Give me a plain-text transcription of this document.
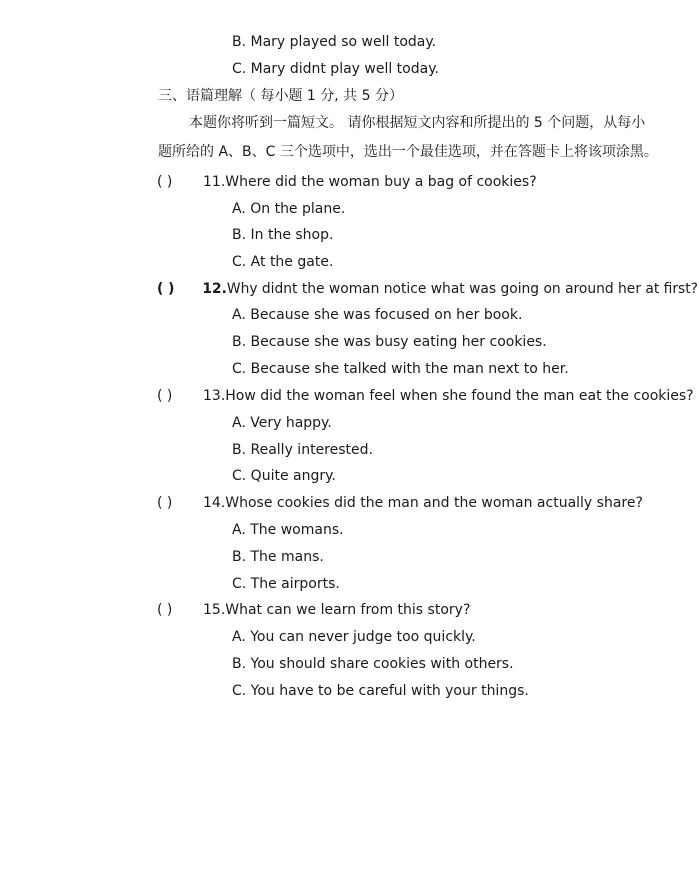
B. Mary played so well today.
C. Mary didnt play well today.
三、语篇理解（ 每小题 1 分, 共 5 分）
本题你将听到一篇短文。 请你根据短文内容和所提出的 5 个问题，从每小
题所给的 A、B、C 三个选项中，选出一个最佳选项，并在答题卡上将该项涂黑。
( ) 11.Where did the woman buy a bag of cookies?
A. On the plane.
B. In the shop.
C. At the gate.
( ) 12.Why didnt the woman notice what was going on around her at first?
A. Because she was focused on her book.
B. Because she was busy eating her cookies.
C. Because she talked with the man next to her.
( ) 13.How did the woman feel when she found the man eat the cookies?
A. Very happy.
B. Really interested.
C. Quite angry.
( ) 14.Whose cookies did the man and the woman actually share?
A. The womans.
B. The mans.
C. The airports.
( ) 15.What can we learn from this story?
A. You can never judge too quickly.
B. You should share cookies with others.
C. You have to be careful with your things.
